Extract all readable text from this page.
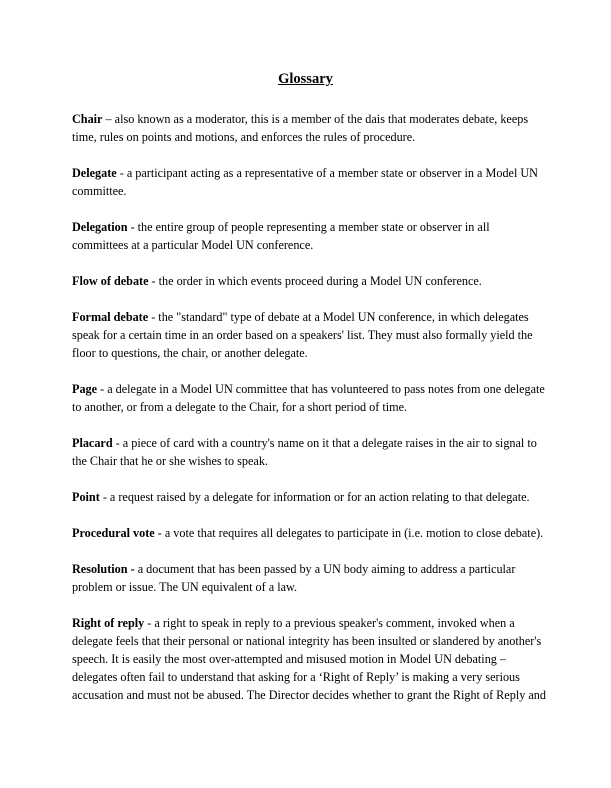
Glossary
Chair – also known as a moderator, this is a member of the dais that moderates debate, keeps
time, rules on points and motions, and enforces the rules of procedure.
Delegate - a participant acting as a representative of a member state or observer in a Model UN
committee.
Delegation - the entire group of people representing a member state or observer in all
committees at a particular Model UN conference.
Flow of debate - the order in which events proceed during a Model UN conference.
Formal debate - the "standard" type of debate at a Model UN conference, in which delegates
speak for a certain time in an order based on a speakers' list. They must also formally yield the
floor to questions, the chair, or another delegate.
Page - a delegate in a Model UN committee that has volunteered to pass notes from one delegate
to another, or from a delegate to the Chair, for a short period of time.
Placard - a piece of card with a country's name on it that a delegate raises in the air to signal to
the Chair that he or she wishes to speak.
Point - a request raised by a delegate for information or for an action relating to that delegate.
Procedural vote - a vote that requires all delegates to participate in (i.e. motion to close debate).
Resolution - a document that has been passed by a UN body aiming to address a particular
problem or issue. The UN equivalent of a law.
Right of reply - a right to speak in reply to a previous speaker's comment, invoked when a
delegate feels that their personal or national integrity has been insulted or slandered by another's
speech. It is easily the most over-attempted and misused motion in Model UN debating –
delegates often fail to understand that asking for a ‘Right of Reply’ is making a very serious
accusation and must not be abused. The Director decides whether to grant the Right of Reply and
